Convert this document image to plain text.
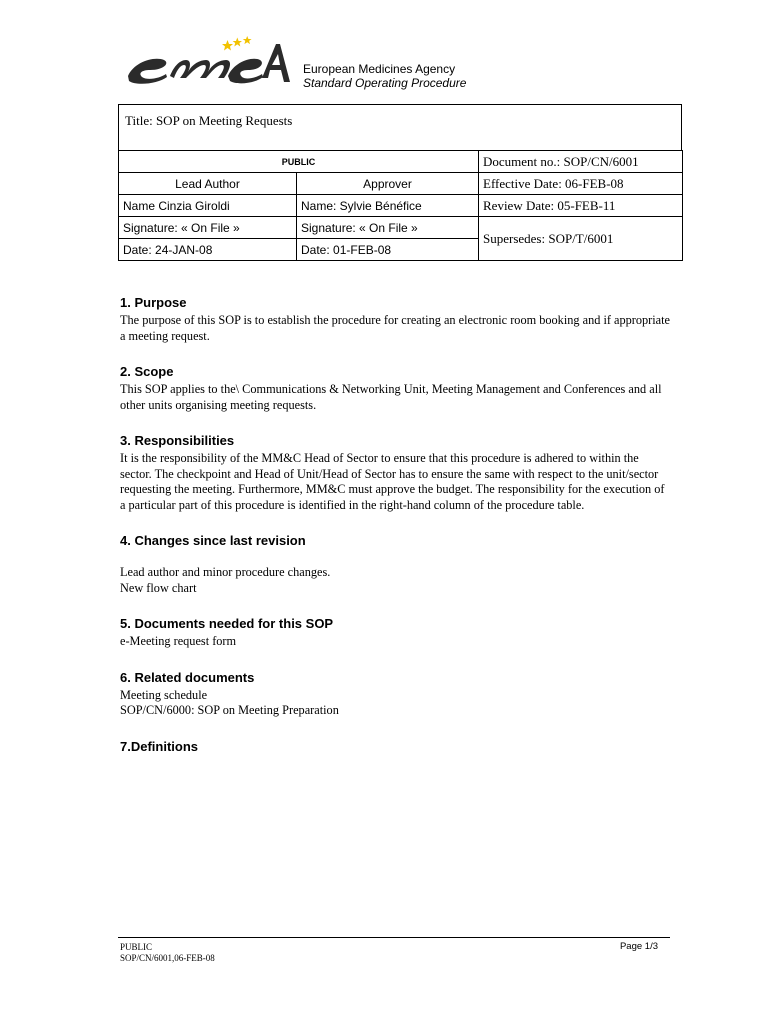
European Medicines Agency
Standard Operating Procedure
Title: SOP on Meeting Requests
PUBLIC		Document no.: SOP/CN/6001
Lead Author	Approver	Effective Date: 06-FEB-08
Name Cinzia Giroldi	Name: Sylvie Bénéfice	Review Date: 05-FEB-11
Signature: « On File »	Signature: « On File »	Supersedes: SOP/T/6001
Date: 24-JAN-08	Date: 01-FEB-08	
1. Purpose

The purpose of this SOP is to establish the procedure for creating an electronic room booking and if appropriate a meeting request.

2. Scope

This SOP applies to the\ Communications & Networking Unit, Meeting Management and Conferences and all other units organising meeting requests.

3. Responsibilities

It is the responsibility of the MM&C Head of Sector to ensure that this procedure is adhered to within the sector. The checkpoint and Head of Unit/Head of Sector has to ensure the same with respect to the unit/sector requesting the meeting. Furthermore, MM&C must approve the budget. The responsibility for the execution of a particular part of this procedure is identified in the right-hand column of the procedure table.

4. Changes since last revision

Lead author and minor procedure changes.

New flow chart

5. Documents needed for this SOP

e-Meeting request form

6. Related documents

Meeting schedule

SOP/CN/6000: SOP on Meeting Preparation

7.Definitions
PUBLIC
SOP/CN/6001,06-FEB-08
Page 1/3
